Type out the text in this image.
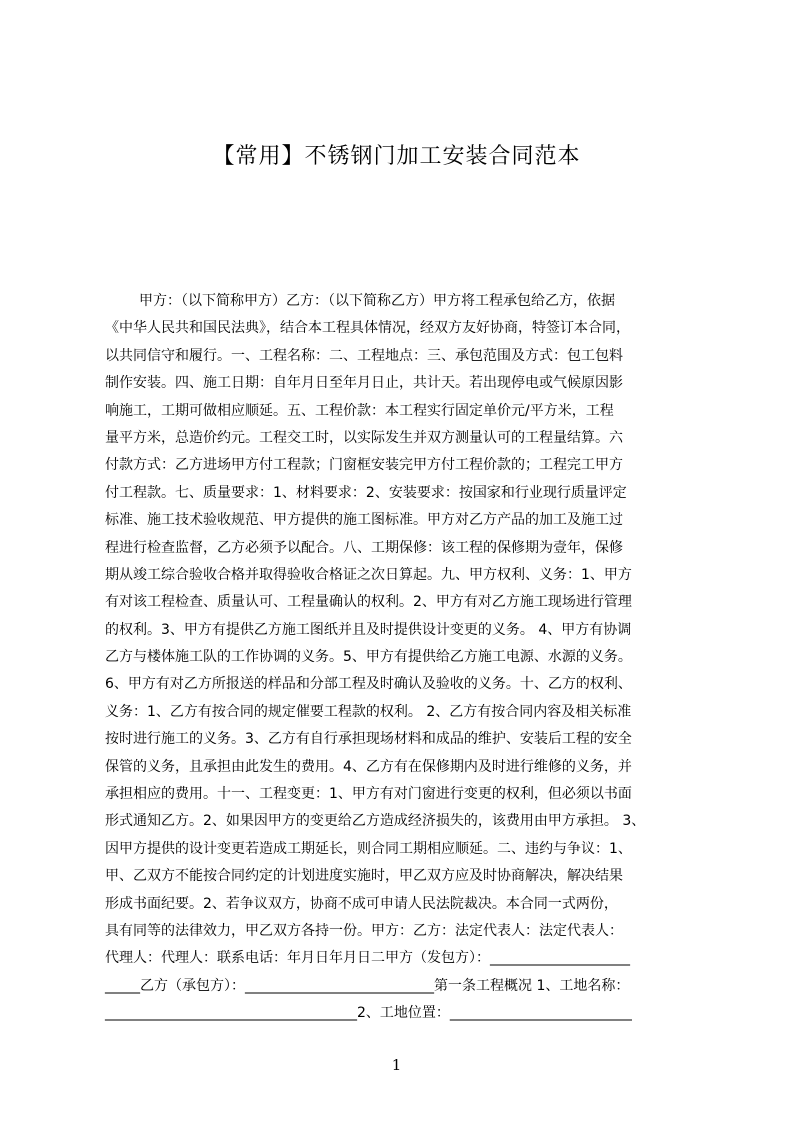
【常用】不锈钢门加工安装合同范本
甲方：（以下简称甲方）乙方：（以下简称乙方）甲方将工程承包给乙方，依据
《中华人民共和国民法典》，结合本工程具体情况，经双方友好协商，特签订本合同，
以共同信守和履行。一、工程名称：二、工程地点：三、承包范围及方式：包工包料
制作安装。四、施工日期：自年月日至年月日止，共计天。若出现停电或气候原因影
响施工，工期可做相应顺延。五、工程价款：本工程实行固定单价元/平方米，工程
量平方米，总造价约元。工程交工时，以实际发生并双方测量认可的工程量结算。六
付款方式：乙方进场甲方付工程款；门窗框安装完甲方付工程价款的；工程完工甲方
付工程款。七、质量要求：1、材料要求：2、安装要求：按国家和行业现行质量评定
标准、施工技术验收规范、甲方提供的施工图标准。甲方对乙方产品的加工及施工过
程进行检查监督，乙方必须予以配合。八、工期保修：该工程的保修期为壹年，保修
期从竣工综合验收合格并取得验收合格证之次日算起。九、甲方权利、义务：1、甲方
有对该工程检查、质量认可、工程量确认的权利。2、甲方有对乙方施工现场进行管理
的权利。3、甲方有提供乙方施工图纸并且及时提供设计变更的义务。 4、甲方有协调
乙方与楼体施工队的工作协调的义务。5、甲方有提供给乙方施工电源、水源的义务。
6、甲方有对乙方所报送的样品和分部工程及时确认及验收的义务。十、乙方的权利、
义务：1、乙方有按合同的规定催要工程款的权利。 2、乙方有按合同内容及相关标准
按时进行施工的义务。3、乙方有自行承担现场材料和成品的维护、安装后工程的安全
保管的义务，且承担由此发生的费用。4、乙方有在保修期内及时进行维修的义务，并
承担相应的费用。十一、工程变更：1、甲方有对门窗进行变更的权利，但必须以书面
形式通知乙方。2、如果因甲方的变更给乙方造成经济损失的，该费用由甲方承担。 3、
因甲方提供的设计变更若造成工期延长，则合同工期相应顺延。二、违约与争议：1、
甲、乙双方不能按合同约定的计划进度实施时，甲乙双方应及时协商解决，解决结果
形成书面纪要。2、若争议双方，协商不成可申请人民法院裁决。本合同一式两份，
具有同等的法律效力，甲乙双方各持一份。甲方：乙方：法定代表人：法定代表人：
代理人：代理人：联系电话：年月日年月日二甲方（发包方）：____________________
_____乙方（承包方）：___________________________第一条工程概况 1、工地名称：
____________________________________2、工地位置：__________________________
1
